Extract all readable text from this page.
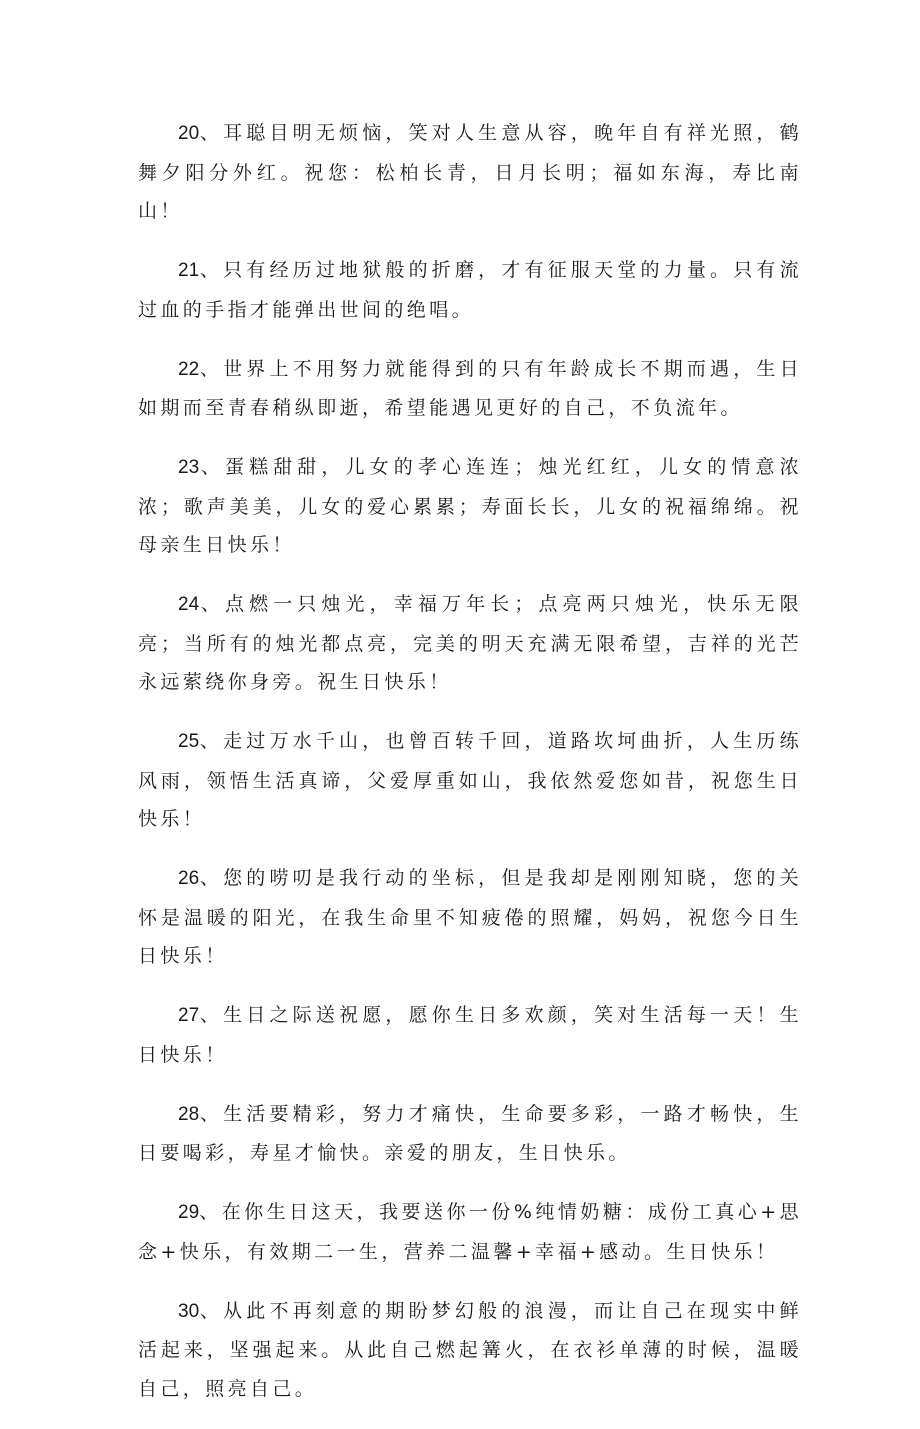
20、耳聪目明无烦恼，笑对人生意从容，晚年自有祥光照，鹤舞夕阳分外红。祝您：松柏长青，日月长明；福如东海，寿比南山！

21、只有经历过地狱般的折磨，才有征服天堂的力量。只有流过血的手指才能弹出世间的绝唱。

22、世界上不用努力就能得到的只有年龄成长不期而遇，生日如期而至青春稍纵即逝，希望能遇见更好的自己，不负流年。

23、蛋糕甜甜，儿女的孝心连连；烛光红红，儿女的情意浓浓；歌声美美，儿女的爱心累累；寿面长长，儿女的祝福绵绵。祝母亲生日快乐！

24、点燃一只烛光，幸福万年长；点亮两只烛光，快乐无限亮；当所有的烛光都点亮，完美的明天充满无限希望，吉祥的光芒永远萦绕你身旁。祝生日快乐！

25、走过万水千山，也曾百转千回，道路坎坷曲折，人生历练风雨，领悟生活真谛，父爱厚重如山，我依然爱您如昔，祝您生日快乐！

26、您的唠叨是我行动的坐标，但是我却是刚刚知晓，您的关怀是温暖的阳光，在我生命里不知疲倦的照耀，妈妈，祝您今日生日快乐！

27、生日之际送祝愿，愿你生日多欢颜，笑对生活每一天！生日快乐！

28、生活要精彩，努力才痛快，生命要多彩，一路才畅快，生日要喝彩，寿星才愉快。亲爱的朋友，生日快乐。

29、在你生日这天，我要送你一份%纯情奶糖：成份工真心+思念+快乐，有效期二一生，营养二温馨+幸福+感动。生日快乐！

30、从此不再刻意的期盼梦幻般的浪漫，而让自己在现实中鲜活起来，坚强起来。从此自己燃起篝火，在衣衫单薄的时候，温暖自己，照亮自己。
